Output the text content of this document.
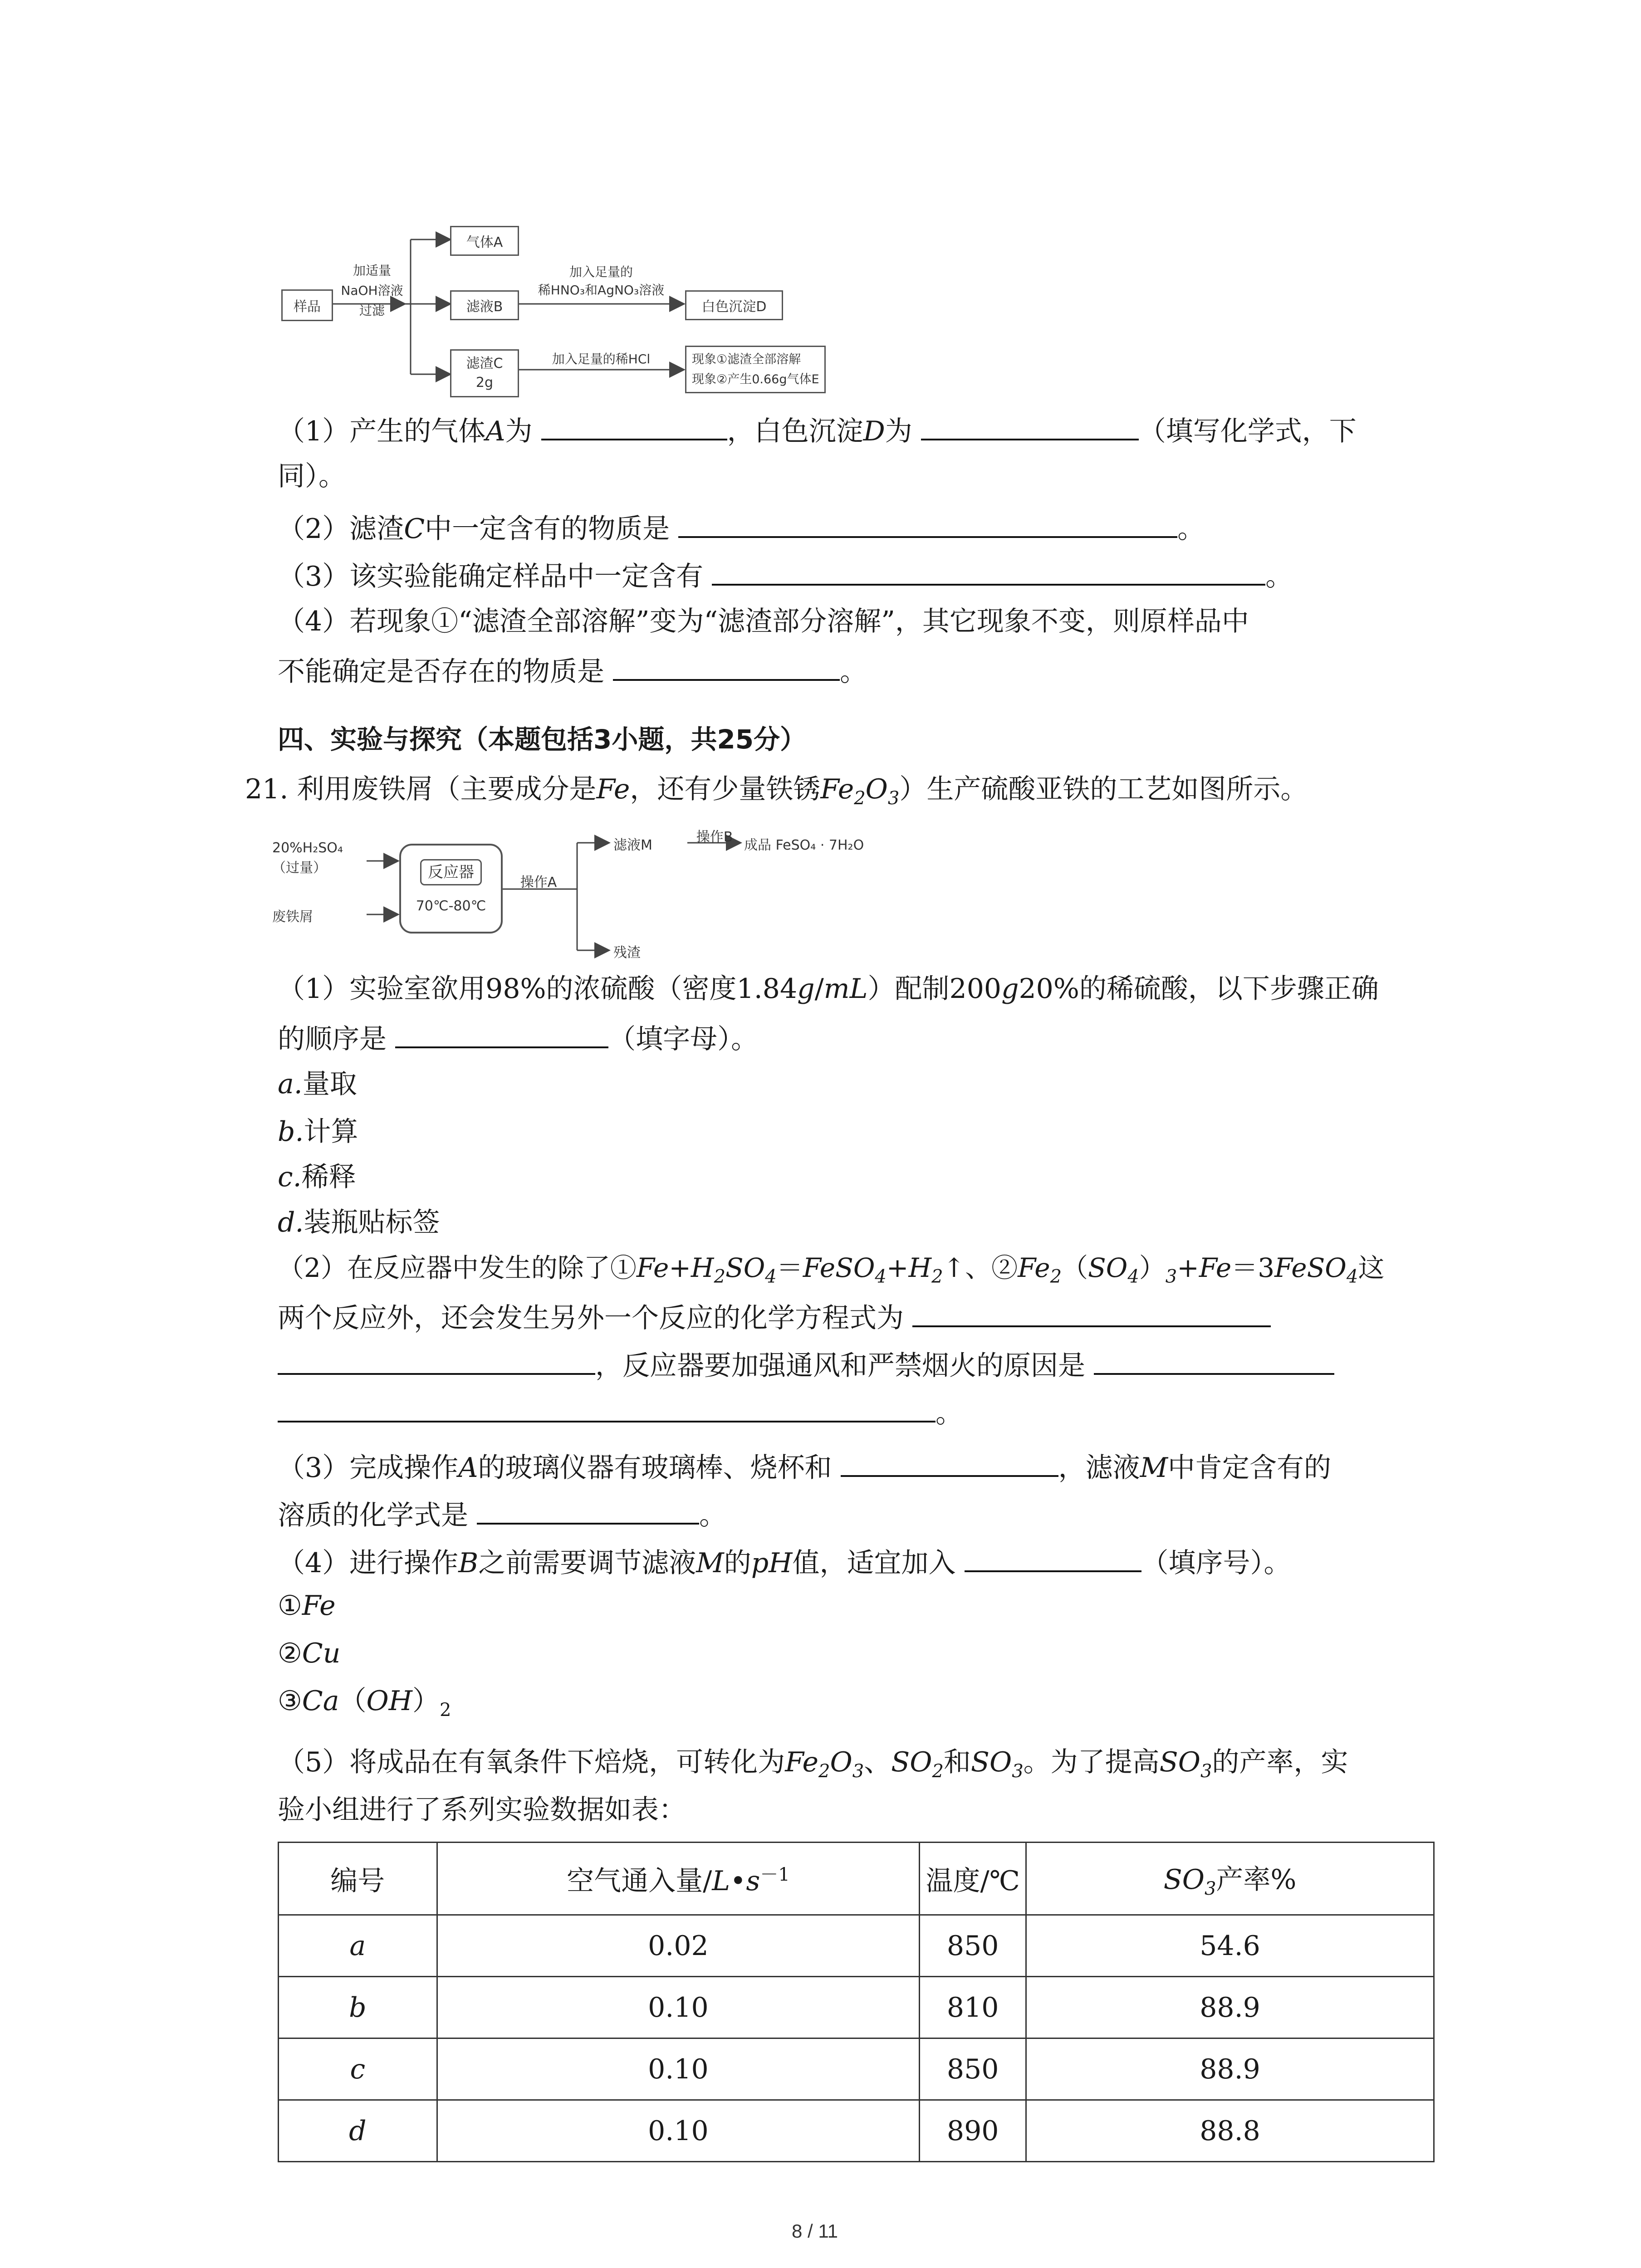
样品
加适量
NaOH溶液
过滤
气体A
滤液B
加入足量的
稀HNO₃和AgNO₃溶液
白色沉淀D
滤渣C
2g
加入足量的稀HCl	现象①滤渣全部溶解
现象②产生0.66g气体E
（1）产生的气体A为	，白色沉淀D为	（填写化学式，下
同）。
（2）滤渣C中一定含有的物质是	。
（3）该实验能确定样品中一定含有	。
（4）若现象①“滤渣全部溶解”变为“滤渣部分溶解”，其它现象不变，则原样品中
不能确定是否存在的物质是	。
四、实验与探究（本题包括3小题，共25分）
21. 利用废铁屑（主要成分是Fe，还有少量铁锈$Fe_2O_3$）生产硫酸亚铁的工艺如图所示。
20%H₂SO₄
（过量）
废铁屑
反应器
70℃-80℃
操作A
滤液M
操作B
成品 FeSO₄ · 7H₂O
残渣
（1）实验室欲用98%的浓硫酸（密度1.84g/mL）配制200g20%的稀硫酸，以下步骤正确
的顺序是	（填字母）。
a.量取
b.计算
c.稀释
d.装瓶贴标签
（2）在反应器中发生的除了$①Fe+H_2SO_4=FeSO_4+H_2↑$、$②Fe_2(SO_4)_3+Fe=3FeSO_4$这
两个反应外，还会发生另外一个反应的化学方程式为
，反应器要加强通风和严禁烟火的原因是
。
（3）完成操作A的玻璃仪器有玻璃棒、烧杯和	，滤液M中肯定含有的
溶质的化学式是	。
（4）进行操作B之前需要调节滤液M的pH值，适宜加入	（填序号）。
①Fe
②Cu
$③Ca(OH)_2$
（5）将成品在有氧条件下焙烧，可转化为$Fe_2O_3$、$SO_2$和$SO_3$。为了提高$SO_3$的产率，实
验小组进行了系列实验数据如表：
编号	空气通入量$/L•s^{-1}$	温度/℃	$SO_3$产率%
a	0.02	850	54.6
b	0.10	810	88.9
c	0.10	850	88.9
d	0.10	890	88.8
8 / 11
